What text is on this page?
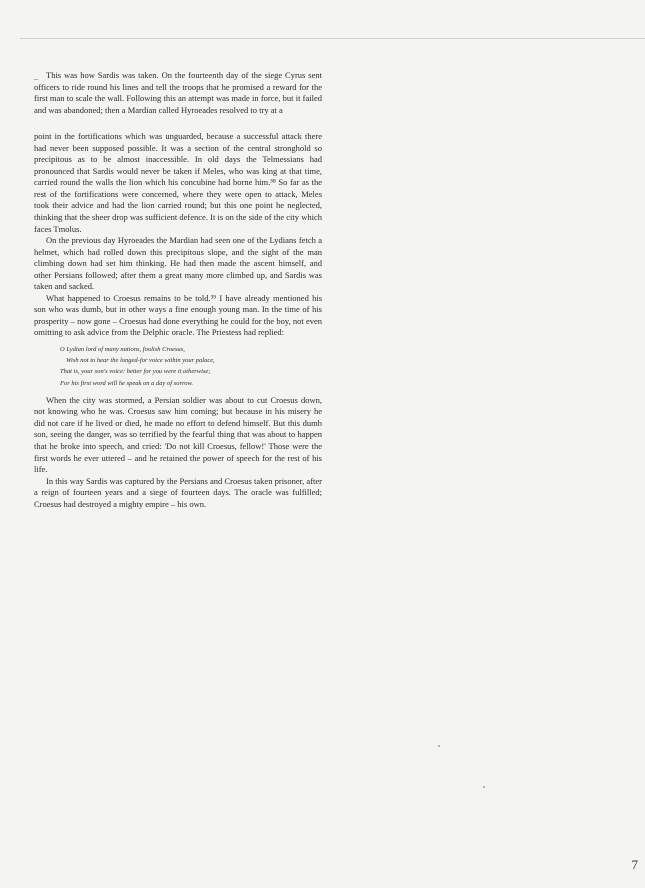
– This was how Sardis was taken. On the fourteenth day of the siege Cyrus sent officers to ride round his lines and tell the troops that he promised a reward for the first man to scale the wall. Following this an attempt was made in force, but it failed and was abandoned; then a Mardian called Hyroeades resolved to try at a

point in the fortifications which was unguarded, because a successful attack there had never been supposed possible. It was a section of the central stronghold so precipitous as to be almost inaccessible. In old days the Telmessians had pronounced that Sardis would never be taken if Meles, who was king at that time, carried round the walls the lion which his concubine had borne him.³⁸ So far as the rest of the fortifications were concerned, where they were open to attack, Meles took their advice and had the lion carried round; but this one point he neglected, thinking that the sheer drop was sufficient defence. It is on the side of the city which faces Tmolus.

On the previous day Hyroeades the Mardian had seen one of the Lydians fetch a helmet, which had rolled down this precipitous slope, and the sight of the man climbing down had set him thinking. He had then made the ascent himself, and other Persians followed; after them a great many more climbed up, and Sardis was taken and sacked.

What happened to Croesus remains to be told.³⁹ I have already mentioned his son who was dumb, but in other ways a fine enough young man. In the time of his prosperity – now gone – Croesus had done everything he could for the boy, not even omitting to ask advice from the Delphic oracle. The Priestess had replied:

O Lydian lord of many nations, foolish Croesus,
Wish not to hear the longed-for voice within your palace,
That is, your son's voice: better for you were it otherwise;
For his first word will he speak on a day of sorrow.

When the city was stormed, a Persian soldier was about to cut Croesus down, not knowing who he was. Croesus saw him coming; but because in his misery he did not care if he lived or died, he made no effort to defend himself. But this dumb son, seeing the danger, was so terrified by the fearful thing that was about to happen that he broke into speech, and cried: 'Do not kill Croesus, fellow!' Those were the first words he ever uttered – and he retained the power of speech for the rest of his life.

In this way Sardis was captured by the Persians and Croesus taken prisoner, after a reign of fourteen years and a siege of fourteen days. The oracle was fulfilled; Croesus had destroyed a mighty empire – his own.

7
